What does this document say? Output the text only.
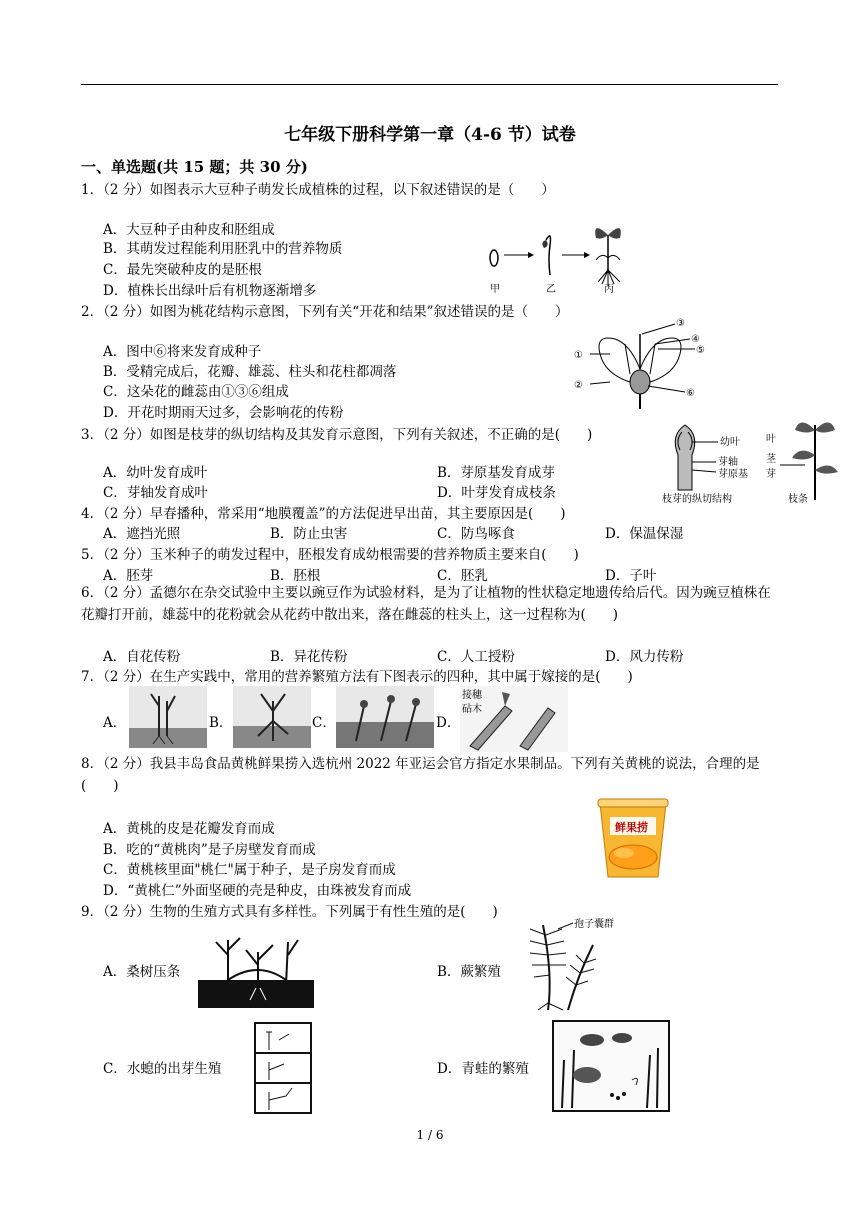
七年级下册科学第一章（4-6 节）试卷
一、单选题(共 15 题；共 30 分)
1．（2 分）如图表示大豆种子萌发长成植株的过程，以下叙述错误的是（　　）
A．大豆种子由种皮和胚组成
B．其萌发过程能利用胚乳中的营养物质
C．最先突破种皮的是胚根
D．植株长出绿叶后有机物逐渐增多	甲	乙	丙
2．（2 分）如图为桃花结构示意图，下列有关“开花和结果”叙述错误的是（　　）
A．图中⑥将来发育成种子
B．受精完成后，花瓣、雄蕊、柱头和花柱都凋落
C．这朵花的雌蕊由①③⑥组成
D．开花时期雨天过多，会影响花的传粉
①
②
③
④
⑤
⑥
3．（2 分）如图是枝芽的纵切结构及其发育示意图，下列有关叙述，不正确的是(　　)
A．幼叶发育成叶	B．芽原基发育成芽
C．芽轴发育成叶	D．叶芽发育成枝条
幼叶	叶
芽轴	茎
芽原基 芽
枝芽的纵切结构	枝条
4．（2 分）早春播种，常采用“地膜覆盖”的方法促进早出苗，其主要原因是(　　)
A．遮挡光照	B．防止虫害	C．防鸟啄食	D．保温保湿
5．（2 分）玉米种子的萌发过程中，胚根发育成幼根需要的营养物质主要来自(　　)
A．胚芽	B．胚根	C．胚乳	D．子叶
6．（2 分）孟德尔在杂交试验中主要以豌豆作为试验材料，是为了让植物的性状稳定地遗传给后代。因为豌豆植株在花瓣打开前，雄蕊中的花粉就会从花药中散出来，落在雌蕊的柱头上，这一过程称为(　　)
A．自花传粉	B．异花传粉	C．人工授粉	D．风力传粉
7．（2 分）在生产实践中，常用的营养繁殖方法有下图表示的四种，其中属于嫁接的是(　　)
A．	B．	C．	D．
接穗
砧木
8．（2 分）我县丰岛食品黄桃鲜果捞入选杭州 2022 年亚运会官方指定水果制品。下列有关黄桃的说法，合理的是(　　)
A．黄桃的皮是花瓣发育而成
B．吃的“黄桃肉”是子房壁发育而成
C．黄桃核里面"桃仁"属于种子，是子房发育而成
D．“黄桃仁”外面坚硬的壳是种皮，由珠被发育而成
鲜果捞
9．（2 分）生物的生殖方式具有多样性。下列属于有性生殖的是(　　)
A．桑树压条	B．蕨繁殖
孢子囊群
C．水螅的出芽生殖	D．青蛙的繁殖
1 / 6
